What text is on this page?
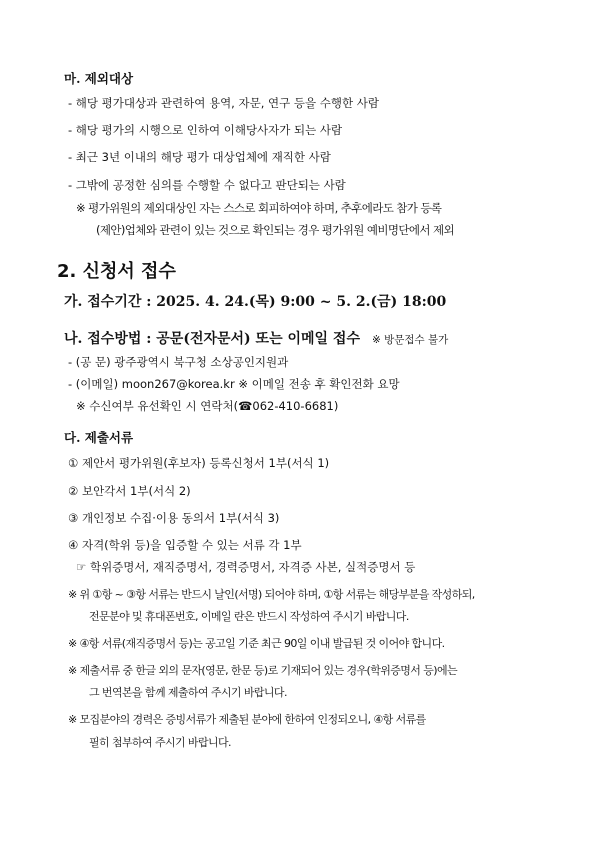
마. 제외대상
- 해당 평가대상과 관련하여 용역, 자문, 연구 등을 수행한 사람
- 해당 평가의 시행으로 인하여 이해당사자가 되는 사람
- 최근 3년 이내의 해당 평가 대상업체에 재직한 사람
- 그밖에 공정한 심의를 수행할 수 없다고 판단되는 사람
※ 평가위원의 제외대상인 자는 스스로 회피하여야 하며, 추후에라도 참가 등록
(제안)업체와 관련이 있는 것으로 확인되는 경우 평가위원 예비명단에서 제외
2. 신청서 접수
가. 접수기간 : 2025. 4. 24.(목) 9:00 ~ 5. 2.(금) 18:00
나. 접수방법 : 공문(전자문서) 또는 이메일 접수 ※ 방문접수 불가
- (공 문) 광주광역시 북구청 소상공인지원과
- (이메일) moon267@korea.kr ※ 이메일 전송 후 확인전화 요망
※ 수신여부 유선확인 시 연락처(☎062-410-6681)
다. 제출서류
① 제안서 평가위원(후보자) 등록신청서 1부(서식 1)
② 보안각서 1부(서식 2)
③ 개인정보 수집·이용 동의서 1부(서식 3)
④ 자격(학위 등)을 입증할 수 있는 서류 각 1부
☞ 학위증명서, 재직증명서, 경력증명서, 자격증 사본, 실적증명서 등
※ 위 ①항 ~ ③항 서류는 반드시 날인(서명) 되어야 하며, ①항 서류는 해당부분을 작성하되,
전문분야 및 휴대폰번호, 이메일 란은 반드시 작성하여 주시기 바랍니다.
※ ④항 서류(재직증명서 등)는 공고일 기준 최근 90일 이내 발급된 것 이어야 합니다.
※ 제출서류 중 한글 외의 문자(영문, 한문 등)로 기재되어 있는 경우(학위증명서 등)에는
그 번역본을 함께 제출하여 주시기 바랍니다.
※ 모집분야의 경력은 증빙서류가 제출된 분야에 한하여 인정되오니, ④항 서류를
필히 첨부하여 주시기 바랍니다.
